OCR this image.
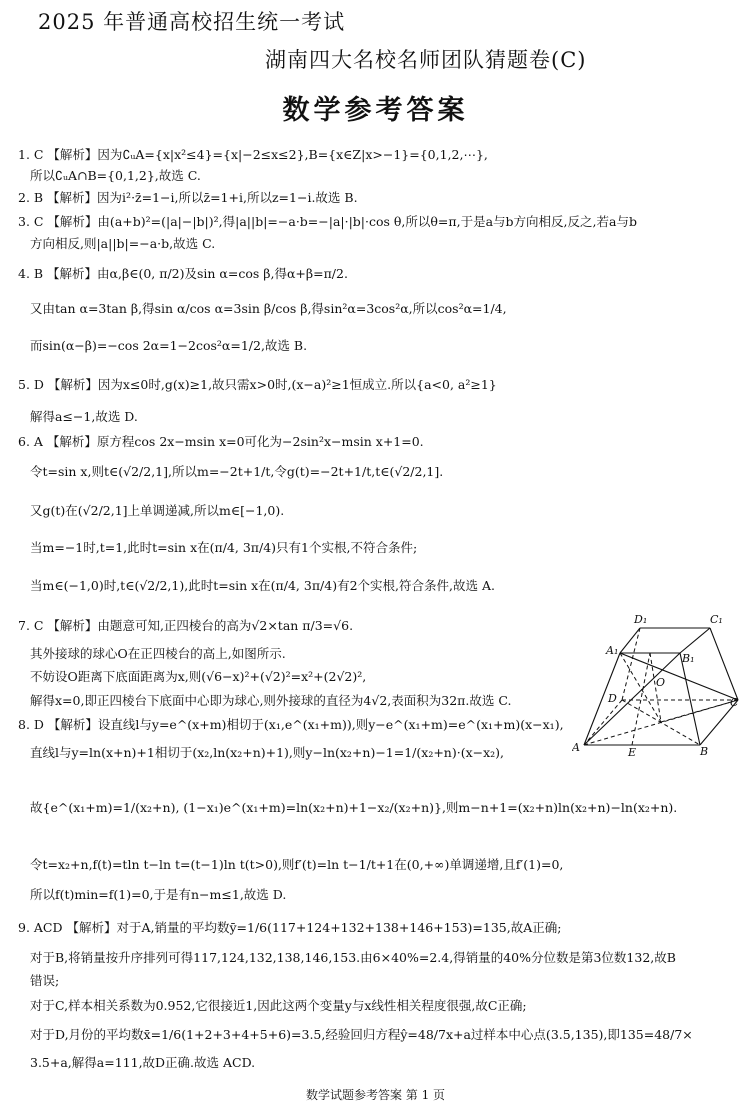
2025 年普通高校招生统一考试
湖南四大名校名师团队猜题卷(C)
数学参考答案
1. C 【解析】因为∁ᵤA={x|x²≤4}={x|−2≤x≤2},B={x∈Z|x>−1}={0,1,2,⋯},
所以∁ᵤA∩B={0,1,2},故选 C.
2. B 【解析】因为i²·z̄=1−i,所以z̄=1+i,所以z=1−i.故选 B.
3. C 【解析】由(a+b)²=(|a|−|b|)²,得|a||b|=−a·b=−|a|·|b|·cos θ,所以θ=π,于是a与b方向相反,反之,若a与b
方向相反,则|a||b|=−a·b,故选 C.
4. B 【解析】由α,β∈(0, π/2)及sin α=cos β,得α+β=π/2.
又由tan α=3tan β,得sin α/cos α=3sin β/cos β,得sin²α=3cos²α,所以cos²α=1/4,
而sin(α−β)=−cos 2α=1−2cos²α=1/2,故选 B.
5. D 【解析】因为x≤0时,g(x)≥1,故只需x>0时,(x−a)²≥1恒成立.所以{a<0, a²≥1}
解得a≤−1,故选 D.
6. A 【解析】原方程cos 2x−msin x=0可化为−2sin²x−msin x+1=0.
令t=sin x,则t∈(√2/2,1],所以m=−2t+1/t,令g(t)=−2t+1/t,t∈(√2/2,1].
又g(t)在(√2/2,1]上单调递减,所以m∈[−1,0).
当m=−1时,t=1,此时t=sin x在(π/4, 3π/4)只有1个实根,不符合条件;
当m∈(−1,0)时,t∈(√2/2,1),此时t=sin x在(π/4, 3π/4)有2个实根,符合条件,故选 A.
7. C 【解析】由题意可知,正四棱台的高为√2×tan π/3=√6.
其外接球的球心O在正四棱台的高上,如图所示.
不妨设O距离下底面距离为x,则(√6−x)²+(√2)²=x²+(2√2)²,
解得x=0,即正四棱台下底面中心即为球心,则外接球的直径为4√2,表面积为32π.故选 C.
8. D 【解析】设直线l与y=e^(x+m)相切于(x₁,e^(x₁+m)),则y−e^(x₁+m)=e^(x₁+m)(x−x₁),
直线l与y=ln(x+n)+1相切于(x₂,ln(x₂+n)+1),则y−ln(x₂+n)−1=1/(x₂+n)·(x−x₂),
故{e^(x₁+m)=1/(x₂+n), (1−x₁)e^(x₁+m)=ln(x₂+n)+1−x₂/(x₂+n)},则m−n+1=(x₂+n)ln(x₂+n)−ln(x₂+n).
令t=x₂+n,f(t)=tln t−ln t=(t−1)ln t(t>0),则f′(t)=ln t−1/t+1在(0,+∞)单调递增,且f′(1)=0,
所以f(t)min=f(1)=0,于是有n−m≤1,故选 D.
9. ACD 【解析】对于A,销量的平均数ȳ=1/6(117+124+132+138+146+153)=135,故A正确;
对于B,将销量按升序排列可得117,124,132,138,146,153.由6×40%=2.4,得销量的40%分位数是第3位数132,故B
错误;
对于C,样本相关系数为0.952,它很接近1,因此这两个变量y与x线性相关程度很强,故C正确;
对于D,月份的平均数x̄=1/6(1+2+3+4+5+6)=3.5,经验回归方程ŷ=48/7x+a过样本中心点(3.5,135),即135=48/7×
3.5+a,解得a=111,故D正确.故选 ACD.
D₁	C₁
A₁
B₁
O
D	C
A	E	B
数学试题参考答案 第 1 页
